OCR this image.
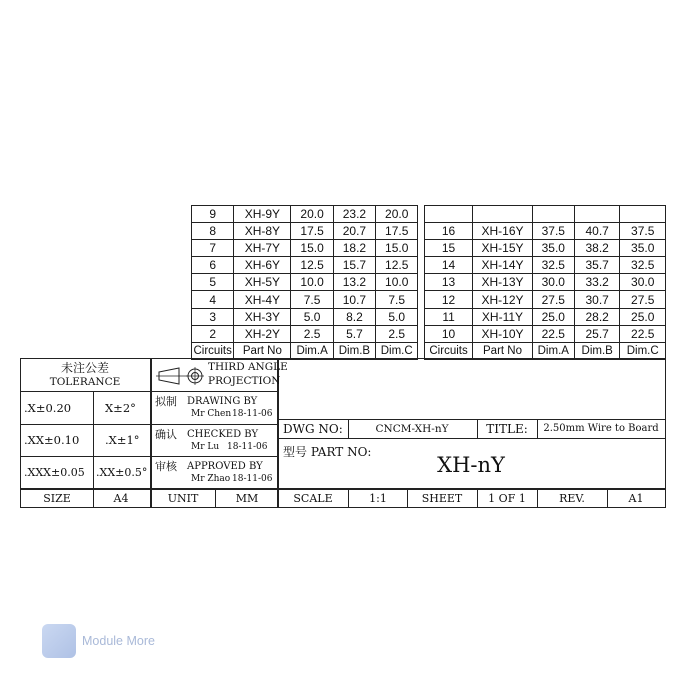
9	XH-9Y	20.0	23.2	20.0						
8	XH-8Y	17.5	20.7	17.5		16	XH-16Y	37.5	40.7	37.5
7	XH-7Y	15.0	18.2	15.0		15	XH-15Y	35.0	38.2	35.0
6	XH-6Y	12.5	15.7	12.5		14	XH-14Y	32.5	35.7	32.5
5	XH-5Y	10.0	13.2	10.0		13	XH-13Y	30.0	33.2	30.0
4	XH-4Y	7.5	10.7	7.5		12	XH-12Y	27.5	30.7	27.5
3	XH-3Y	5.0	8.2	5.0		11	XH-11Y	25.0	28.2	25.0
2	XH-2Y	2.5	5.7	2.5		10	XH-10Y	22.5	25.7	22.5
Circuits	Part No	Dim.A	Dim.B	Dim.C		Circuits	Part No	Dim.A	Dim.B	Dim.C
未注公差
TOLERANCE
.X±0.20	X±2°
.XX±0.10 .X±1°
.XXX±0.05 .XX±0.5°
THIRD ANGLE
PROJECTION
拟制 DRAWING BY
Mr Chen 18-11-06
确认 CHECKED BY
Mr Lu 18-11-06
审核 APPROVED BY
Mr Zhao 18-11-06
DWG NO:	CNCM-XH-nY	TITLE: 2.50mm Wire to Board
型号 PART NO:
XH-nY
SIZE	A4	UNIT	MM	SCALE	1:1	SHEET 1 OF 1	REV.	A1
Module More
